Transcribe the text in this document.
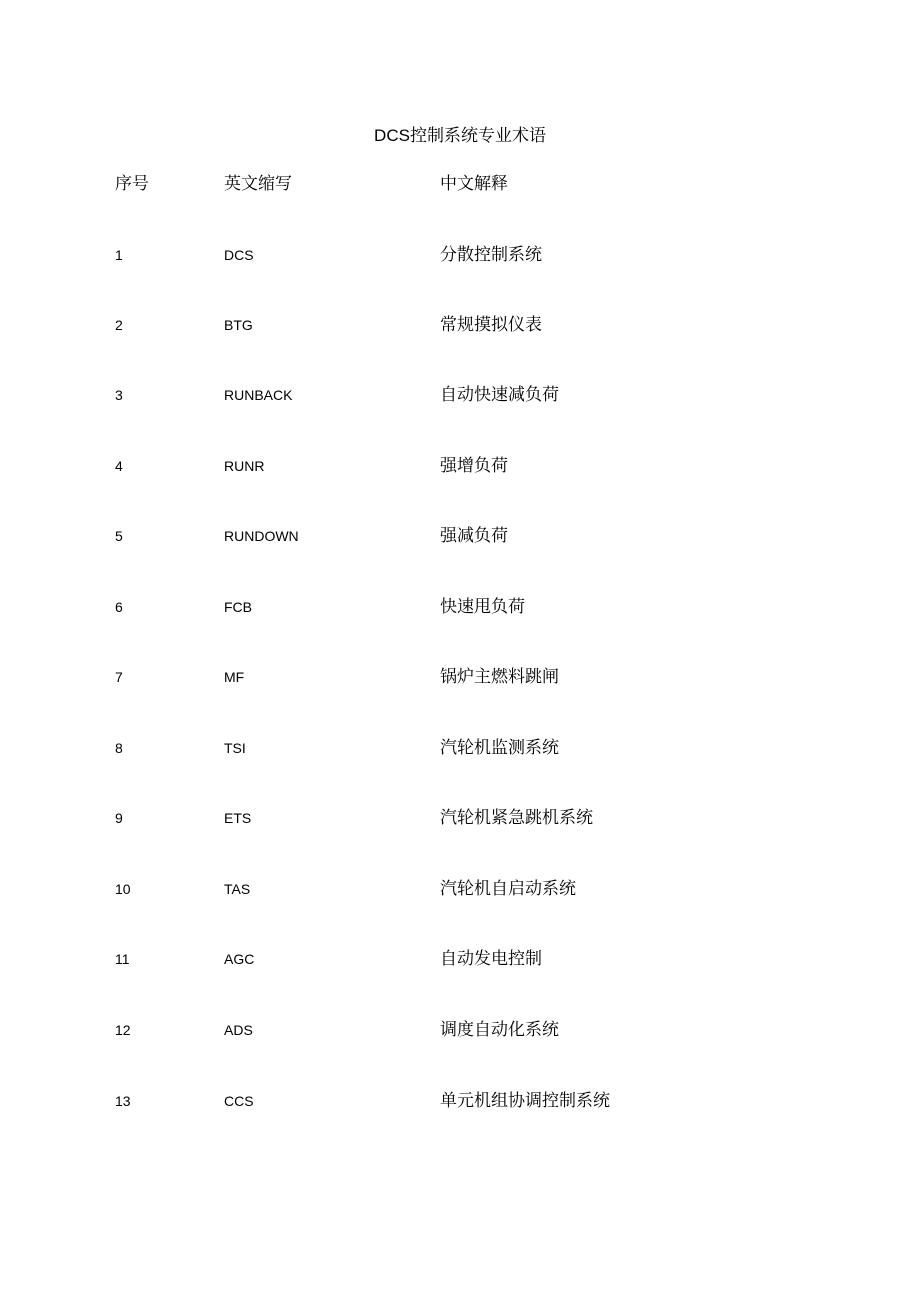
DCS控制系统专业术语
序号	英文缩写	中文解释
1	DCS	分散控制系统
2	BTG	常规摸拟仪表
3	RUNBACK	自动快速减负荷
4	RUNR	强增负荷
5	RUNDOWN	强减负荷
6	FCB	快速甩负荷
7	MF	锅炉主燃料跳闸
8	TSI	汽轮机监测系统
9	ETS	汽轮机紧急跳机系统
10	TAS	汽轮机自启动系统
11	AGC	自动发电控制
12	ADS	调度自动化系统
13	CCS	单元机组协调控制系统
